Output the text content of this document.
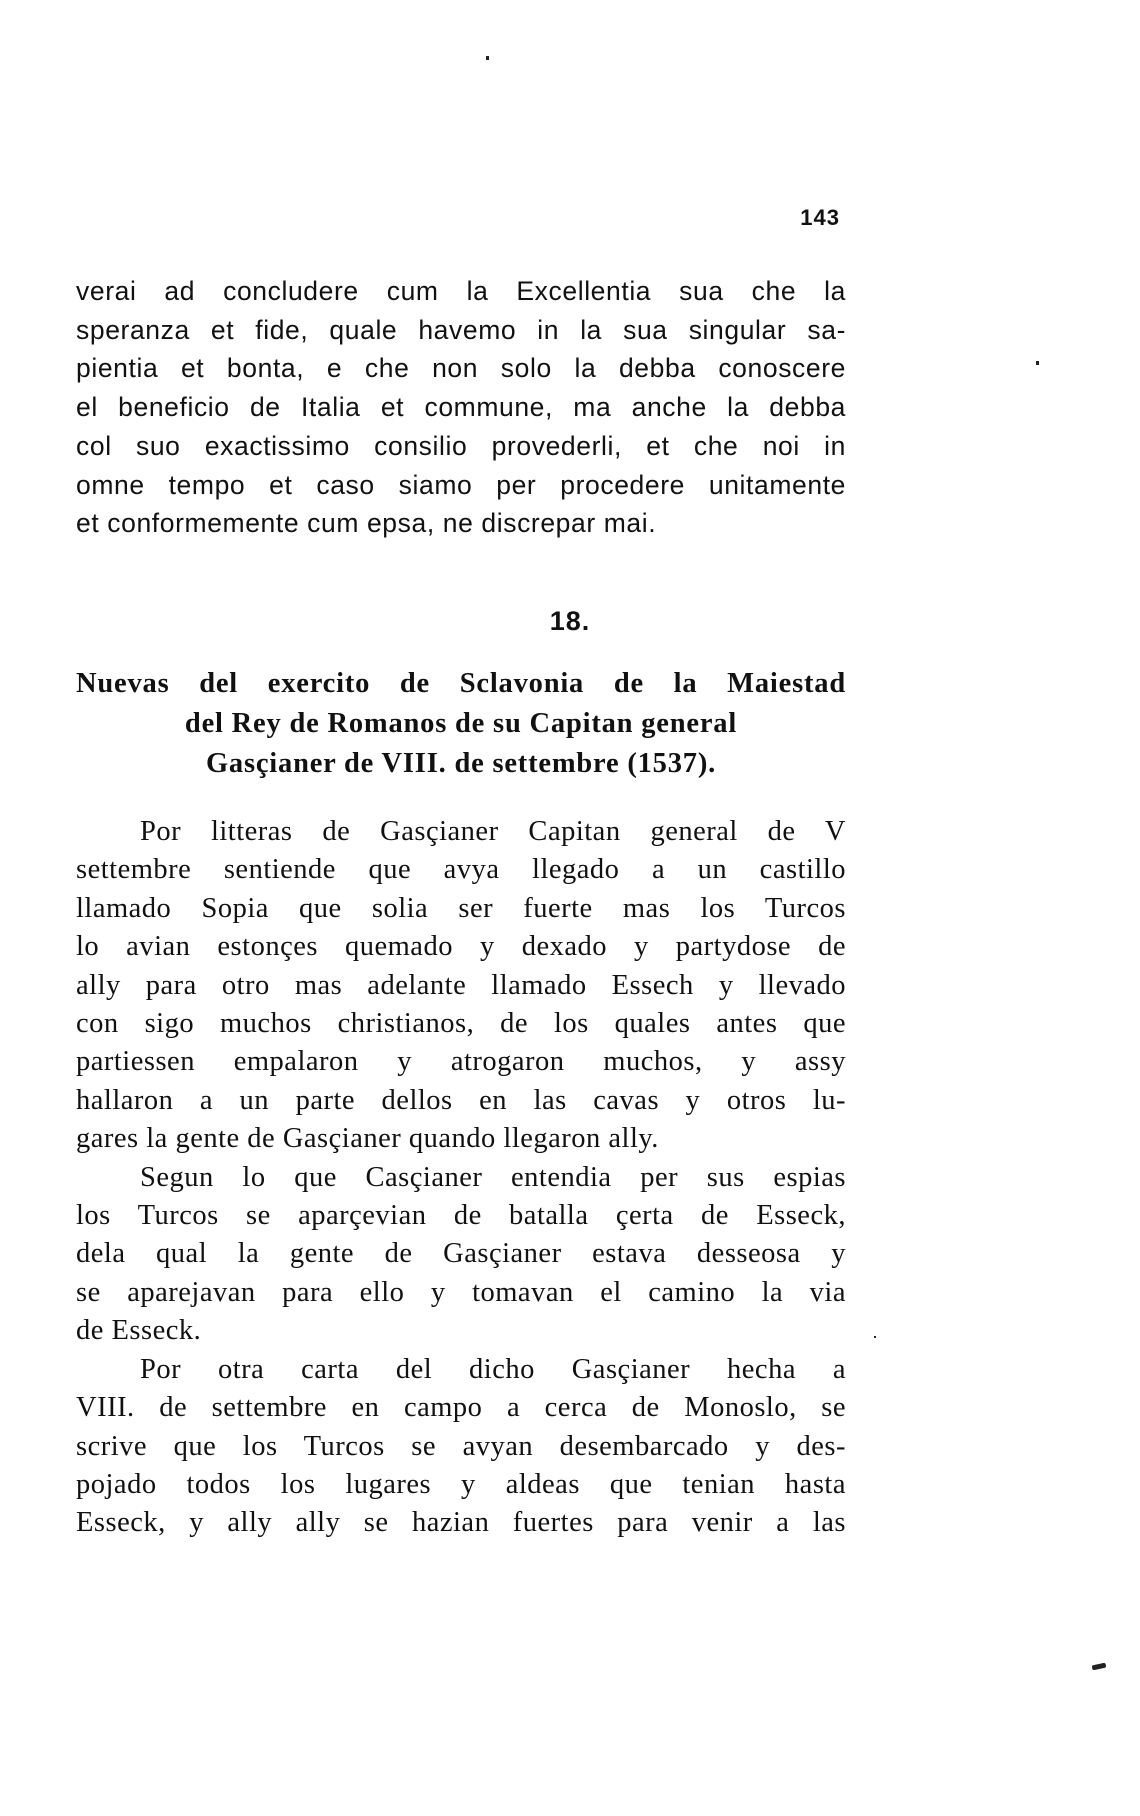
143
verai ad concludere cum la Excellentia sua che la
speranza et fide, quale havemo in la sua singular sa-
pientia et bonta, e che non solo la debba conoscere
el beneficio de Italia et commune, ma anche la debba
col suo exactissimo consilio provederli, et che noi in
omne tempo et caso siamo per procedere unitamente
et conformemente cum epsa, ne discrepar mai.
18.
Nuevas del exercito de Sclavonia de la Maiestad
del Rey de Romanos de su Capitan general
Gasçianer de VIII. de settembre (1537).
Por litteras de Gasçianer Capitan general de V
settembre sentiende que avya llegado a un castillo
llamado Sopia que solia ser fuerte mas los Turcos
lo avian estonçes quemado y dexado y partydose de
ally para otro mas adelante llamado Essech y llevado
con sigo muchos christianos, de los quales antes que
partiessen empalaron y atrogaron muchos, y assy
hallaron a un parte dellos en las cavas y otros lu-
gares la gente de Gasçianer quando llegaron ally.
Segun lo que Casçianer entendia per sus espias
los Turcos se aparçevian de batalla çerta de Esseck,
dela qual la gente de Gasçianer estava desseosa y
se aparejavan para ello y tomavan el camino la via
de Esseck.
Por otra carta del dicho Gasçianer hecha a
VIII. de settembre en campo a cerca de Monoslo, se
scrive que los Turcos se avyan desembarcado y des-
pojado todos los lugares y aldeas que tenian hasta
Esseck, y ally ally se hazian fuertes para venir a las
